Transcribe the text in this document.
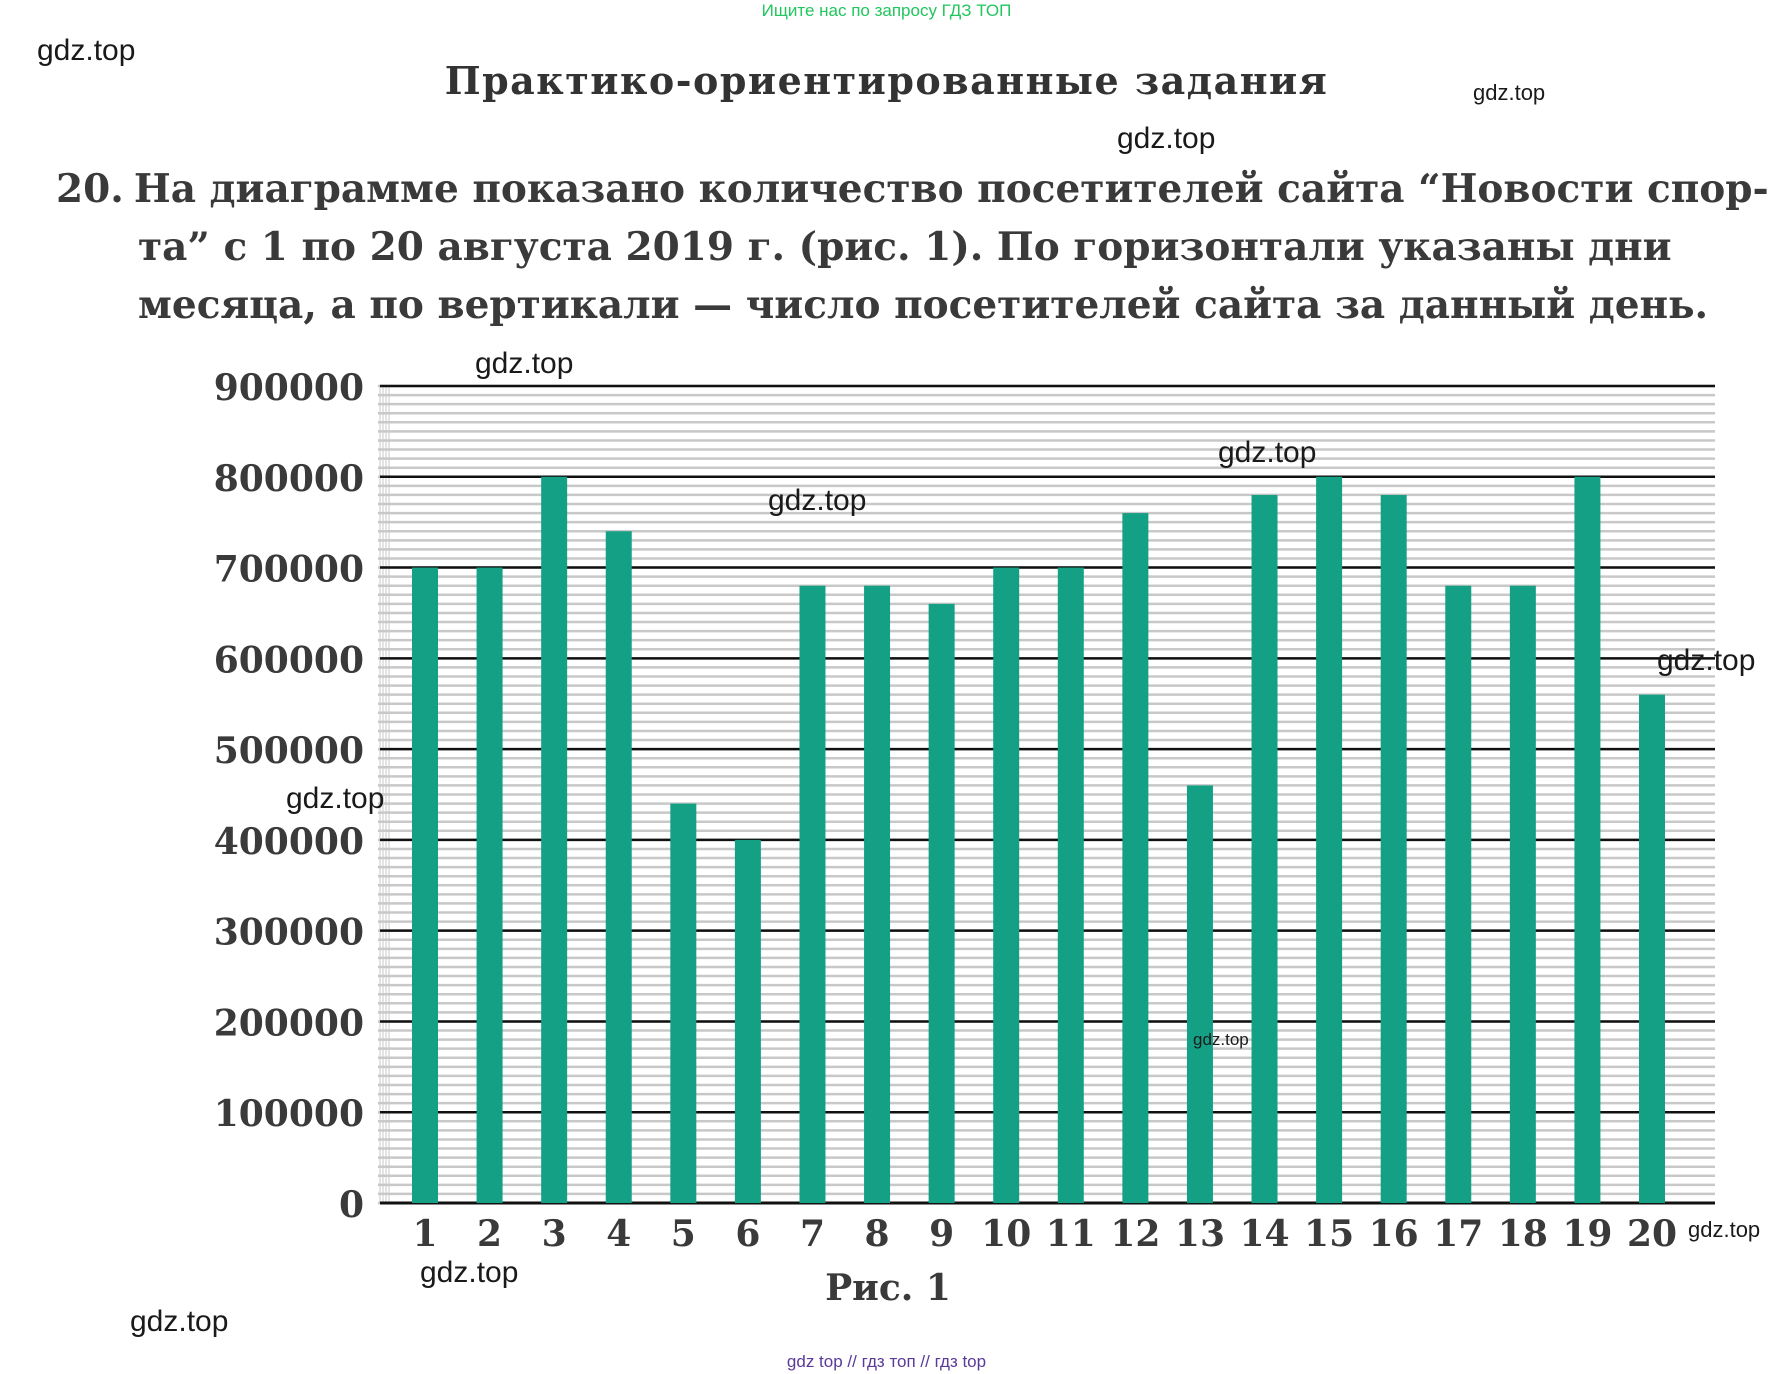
Ищите нас по запросу ГДЗ ТОП
gdz.top
Практико-ориентированные задания	gdz.top
gdz.top
20. На диаграмме показано количество посетителей сайта “Новости спор-
та” с 1 по 20 августа 2019 г. (рис. 1). По горизонтали указаны дни
месяца, а по вертикали — число посетителей сайта за данный день.
0
100000
200000
300000
400000
500000
600000
700000
800000
900000
1 2 3 4 5 6 7 8 9 10 11 12 13 14 15 16 17 18 19 20
Рис. 1
gdz.top
gdz.top
gdz.top
gdz.top
gdz.top
gdz.top
gdz.top
gdz.top
gdz.top
gdz top // гдз топ // гдз top
